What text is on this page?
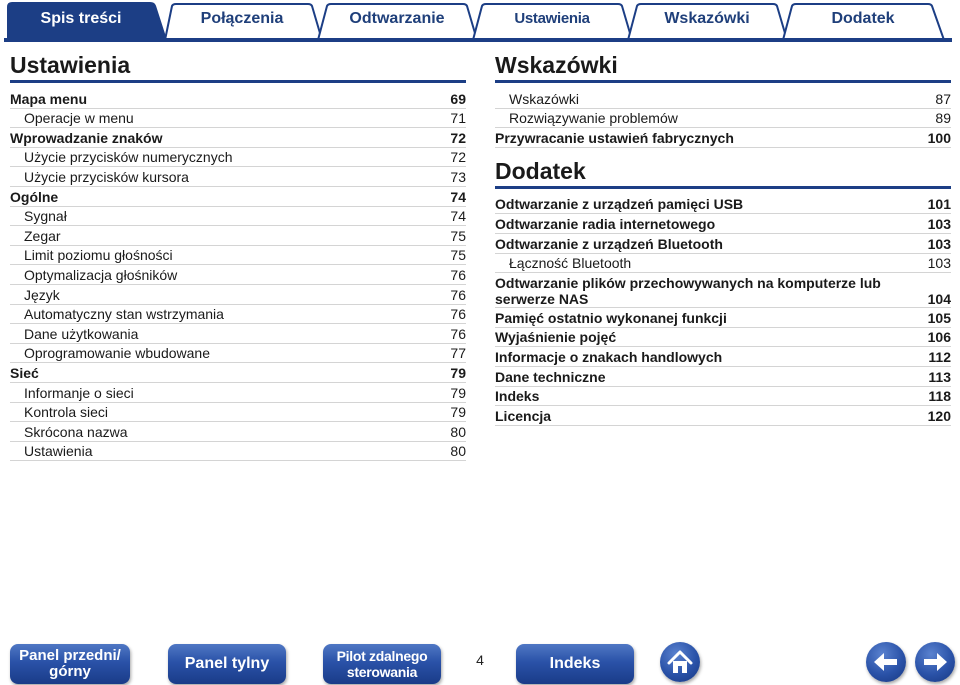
Spis treści	Połączenia	Odtwarzanie	Ustawienia	Wskazówki	Dodatek
Ustawienia
Mapa menu	69
Operacje w menu	71
Wprowadzanie znaków	72
Użycie przycisków numerycznych	72
Użycie przycisków kursora	73
Ogólne	74
Sygnał	74
Zegar	75
Limit poziomu głośności	75
Optymalizacja głośników	76
Język	76
Automatyczny stan wstrzymania	76
Dane użytkowania	76
Oprogramowanie wbudowane	77
Sieć	79
Informanje o sieci	79
Kontrola sieci	79
Skrócona nazwa	80
Ustawienia	80
Wskazówki
Wskazówki	87
Rozwiązywanie problemów	89
Przywracanie ustawień fabrycznych	100
Dodatek
Odtwarzanie z urządzeń pamięci USB	101
Odtwarzanie radia internetowego	103
Odtwarzanie z urządzeń Bluetooth	103
Łączność Bluetooth	103
Odtwarzanie plików przechowywanych na komputerze lub serwerze NAS	104
Pamięć ostatnio wykonanej funkcji	105
Wyjaśnienie pojęć	106
Informacje o znakach handlowych	112
Dane techniczne	113
Indeks	118
Licencja	120
Panel przedni/
górny	Panel tylny	Pilot zdalnego
sterowania
4	Indeks
